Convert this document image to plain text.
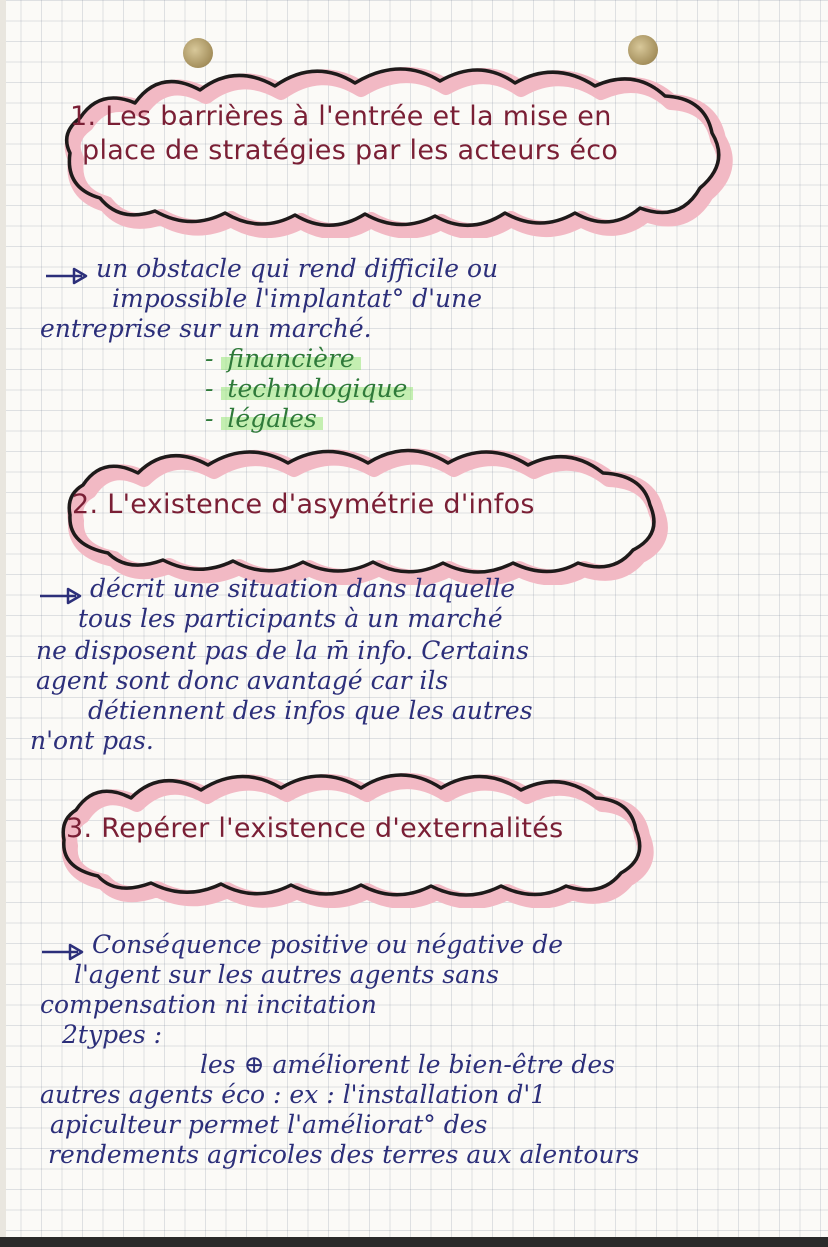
1. Les barrières à l'entrée et la mise en
place de stratégies par les acteurs éco
un obstacle qui rend difficile ou
impossible l'implantat° d'une
entreprise sur un marché.
- financière
- technologique
- légales
2. L'existence d'asymétrie d'infos
décrit une situation dans laquelle
tous les participants à un marché
ne disposent pas de la m̄ info. Certains
agent sont donc avantagé car ils
détiennent des infos que les autres
n'ont pas.
3. Repérer l'existence d'externalités
Conséquence positive ou négative de
l'agent sur les autres agents sans
compensation ni incitation
2types :
les ⊕ améliorent le bien-être des
autres agents éco : ex : l'installation d'1
apiculteur permet l'améliorat° des
rendements agricoles des terres aux alentours
